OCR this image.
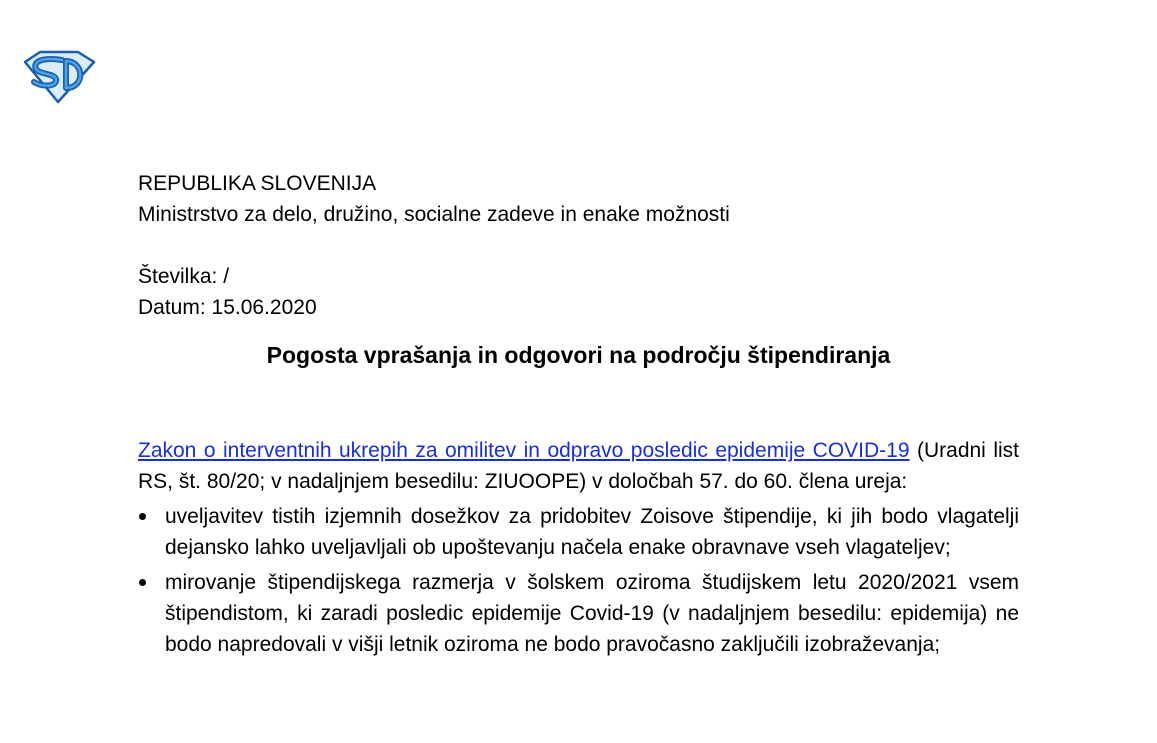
REPUBLIKA SLOVENIJA
Ministrstvo za delo, družino, socialne zadeve in enake možnosti
Številka: /
Datum: 15.06.2020
Pogosta vprašanja in odgovori na področju štipendiranja
Zakon o interventnih ukrepih za omilitev in odpravo posledic epidemije COVID-19 (Uradni list RS, št. 80/20; v nadaljnjem besedilu: ZIUOOPE) v določbah 57. do 60. člena ureja:
uveljavitev tistih izjemnih dosežkov za pridobitev Zoisove štipendije, ki jih bodo vlagatelji dejansko lahko uveljavljali ob upoštevanju načela enake obravnave vseh vlagateljev;
mirovanje štipendijskega razmerja v šolskem oziroma študijskem letu 2020/2021 vsem štipendistom, ki zaradi posledic epidemije Covid-19 (v nadaljnjem besedilu: epidemija) ne bodo napredovali v višji letnik oziroma ne bodo pravočasno zaključili izobraževanja;
